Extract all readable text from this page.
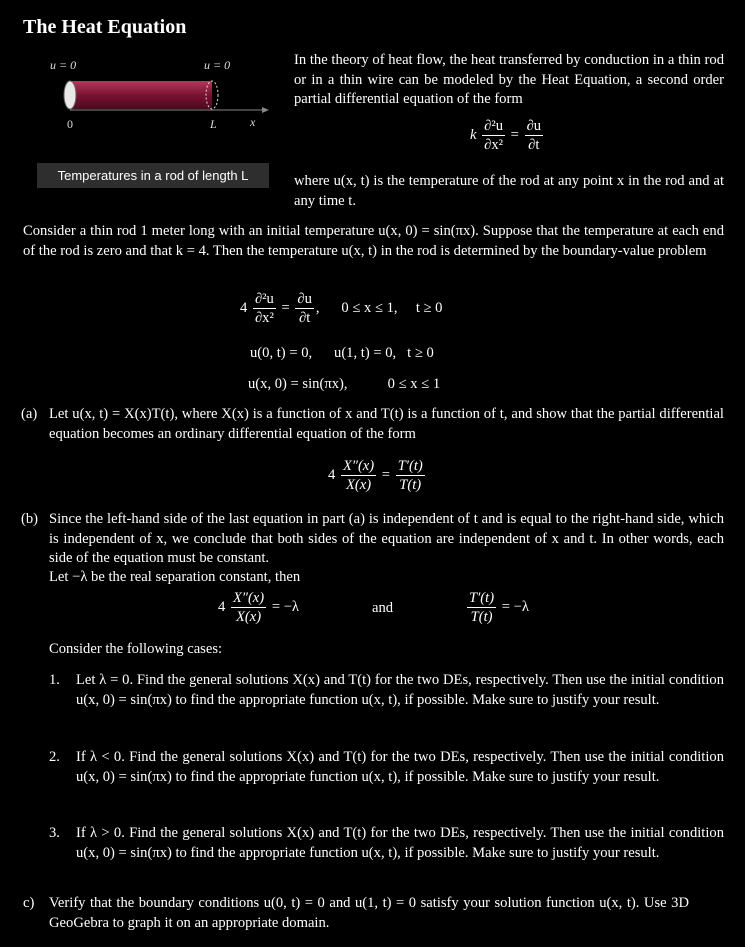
The Heat Equation
u = 0	u = 0
0	L	x
Temperatures in a rod of length L
In the theory of heat flow, the heat transferred by conduction in a thin rod or in a thin wire can be modeled by the Heat Equation, a second order partial differential equation of the form
k $\frac{\text{∂²u}}{\text{∂x²}} = \frac{\partial u}{\partial t}$
where u(x, t) is the temperature of the rod at any point x in the rod and at any time t.
Consider a thin rod 1 meter long with an initial temperature u(x, 0) = sin(πx). Suppose that the temperature at each end of the rod is zero and that k = 4. Then the temperature u(x, t) in the rod is determined by the boundary-value problem
$4 \frac{\text{∂²u}}{\text{∂x²}} = \frac{\partial u}{\partial t}$ ,      0 ≤ x ≤ 1,     t ≥ 0
u(0, t) = 0,      u(1, t) = 0,   t ≥ 0
u(x, 0) = sin(πx),           0 ≤ x ≤ 1
(a) Let u(x, t) = X(x)T(t), where X(x) is a function of x and T(t) is a function of t, and show that the partial differential equation becomes an ordinary differential equation of the form
$4 \frac{X''(x)}{X(x)} = \frac{T'(t)}{T(t)}$
(b) Since the left-hand side of the last equation in part (a) is independent of t and is equal to the right-hand side, which is independent of x, we conclude that both sides of the equation are independent of x and t. In other words, each side of the equation must be constant.
Let −λ be the real separation constant, then
$4 \frac{X''(x)}{X(x)} = -\lambda$	and	$\frac{T'(t)}{T(t)} = -\lambda$
Consider the following cases:
1. Let λ = 0. Find the general solutions X(x) and T(t) for the two DEs, respectively. Then use the initial condition u(x, 0) = sin(πx) to find the appropriate function u(x, t), if possible. Make sure to justify your result.
2. If λ < 0. Find the general solutions X(x) and T(t) for the two DEs, respectively. Then use the initial condition u(x, 0) = sin(πx) to find the appropriate function u(x, t), if possible. Make sure to justify your result.
3. If λ > 0. Find the general solutions X(x) and T(t) for the two DEs, respectively. Then use the initial condition u(x, 0) = sin(πx) to find the appropriate function u(x, t), if possible. Make sure to justify your result.
c) Verify that the boundary conditions u(0, t) = 0 and u(1, t) = 0 satisfy your solution function u(x, t). Use 3D GeoGebra to graph it on an appropriate domain.
